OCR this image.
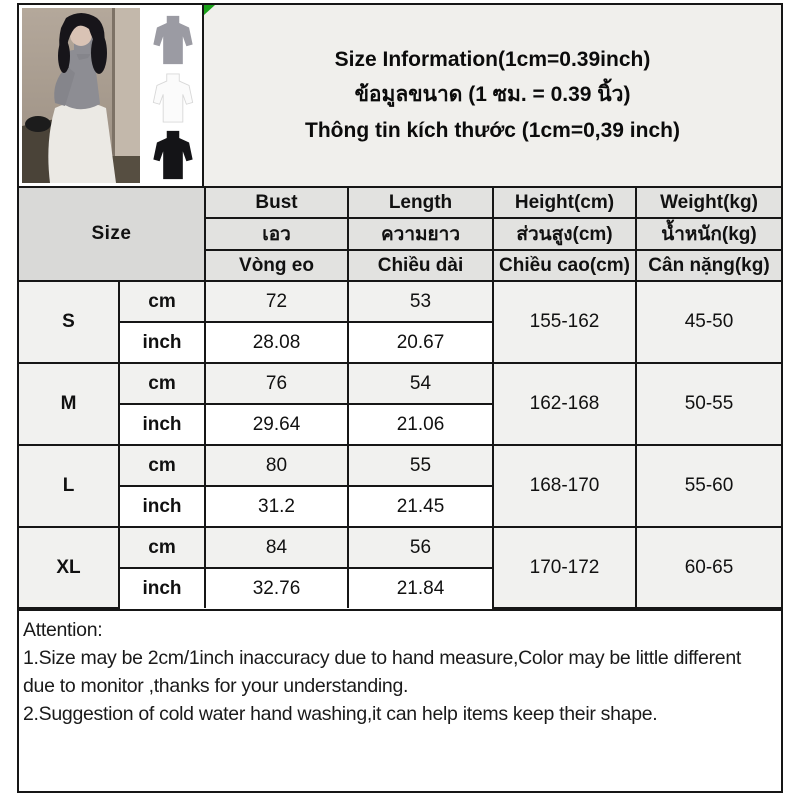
Size Information(1cm=0.39inch)
ข้อมูลขนาด (1 ซม. = 0.39 นิ้ว)
Thông tin kích thước (1cm=0,39 inch)
Size		Bust	Length	Height(cm)	Weight(kg)
		เอว	ความยาว	ส่วนสูง(cm)	น้ำหนัก(kg)
		Vòng eo	Chiều dài	Chiều cao(cm)	Cân nặng(kg)
S	cm	72	53	155-162	45-50
	inch	28.08	20.67		
M	cm	76	54	162-168	50-55
	inch	29.64	21.06		
L	cm	80	55	168-170	55-60
	inch	31.2	21.45		
XL	cm	84	56	170-172	60-65
	inch	32.76	21.84		

Attention:

1.Size may be 2cm/1inch inaccuracy due to hand measure,Color may be little different due to monitor ,thanks for your understanding.

2.Suggestion of cold water hand washing,it can help items keep their shape.
